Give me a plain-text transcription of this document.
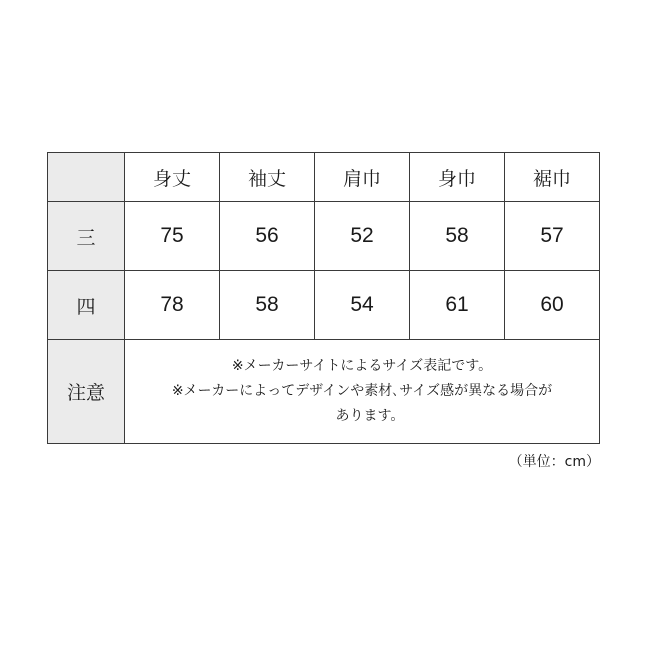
	身丈	袖丈	肩巾	身巾	裾巾
三	75	56	52	58	57
四	78	58	54	61	60
注意	※メーカーサイトによるサイズ表記です。
※メーカーによってデザインや素材､サイズ感が異なる場合が
あります。				
（単位：cm）
